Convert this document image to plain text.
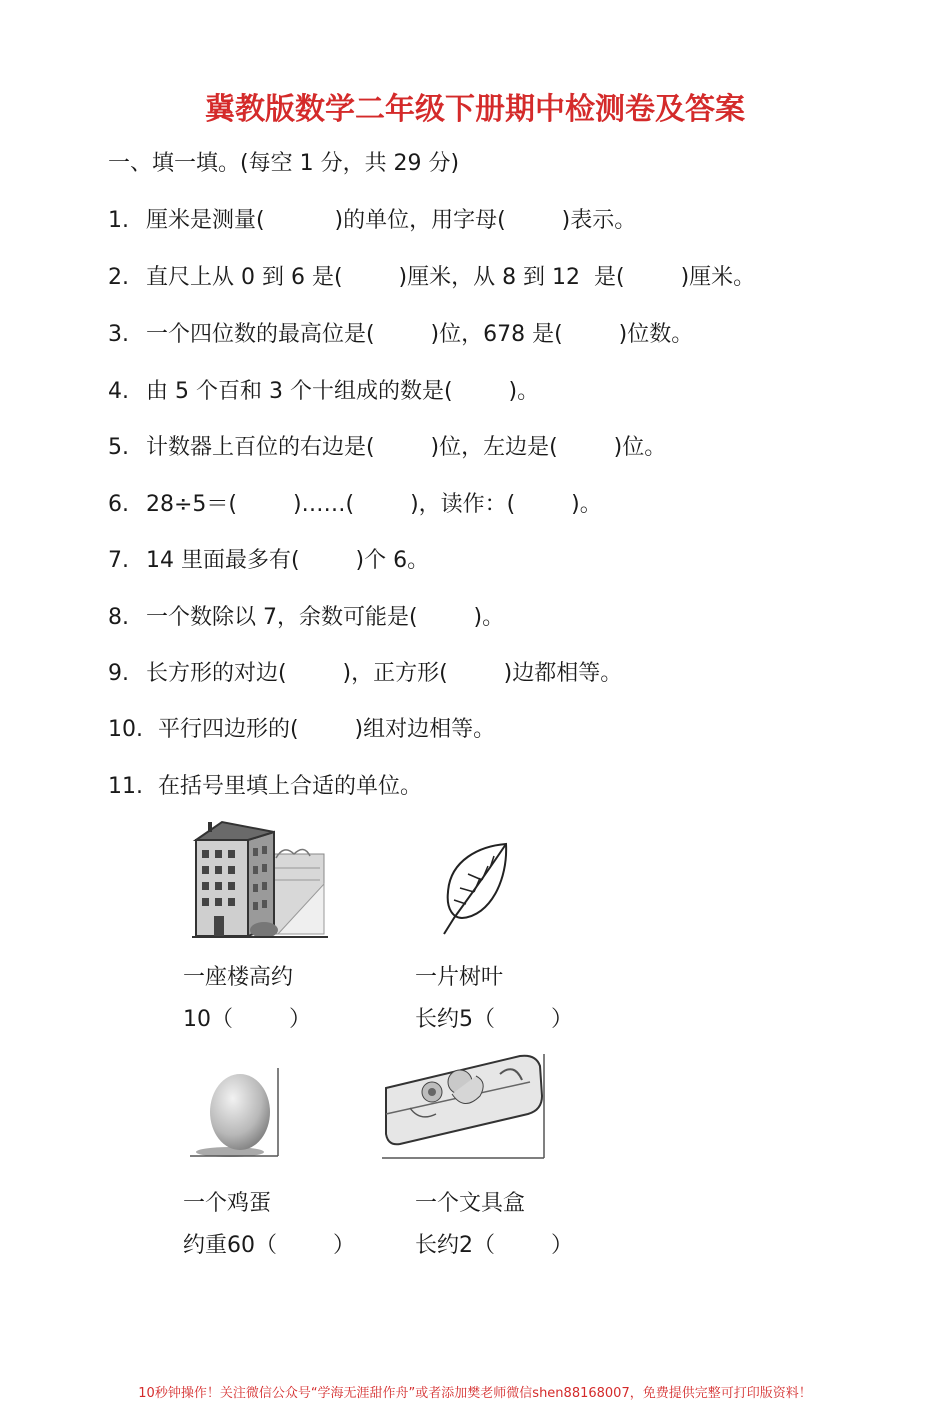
冀教版数学二年级下册期中检测卷及答案
一、填一填。(每空 1 分，共 29 分)
1. 厘米是测量(          )的单位，用字母(        )表示。
2. 直尺上从 0 到 6 是(        )厘米，从 8 到 12  是(        )厘米。
3. 一个四位数的最高位是(        )位，678 是(        )位数。
4. 由 5 个百和 3 个十组成的数是(        )。
5. 计数器上百位的右边是(        )位，左边是(        )位。
6. 28÷5＝(        )……(        )，读作：(        )。
7. 14 里面最多有(        )个 6。
8. 一个数除以 7，余数可能是(        )。
9. 长方形的对边(        )，正方形(        )边都相等。
10. 平行四边形的(        )组对边相等。
11. 在括号里填上合适的单位。
一座楼高约
10（        ）
一片树叶
长约5（        ）
一个鸡蛋
约重60（        ）
一个文具盒
长约2（        ）
10秒钟操作！关注微信公众号“学海无涯甜作舟”或者添加樊老师微信shen88168007，免费提供完整可打印版资料！
